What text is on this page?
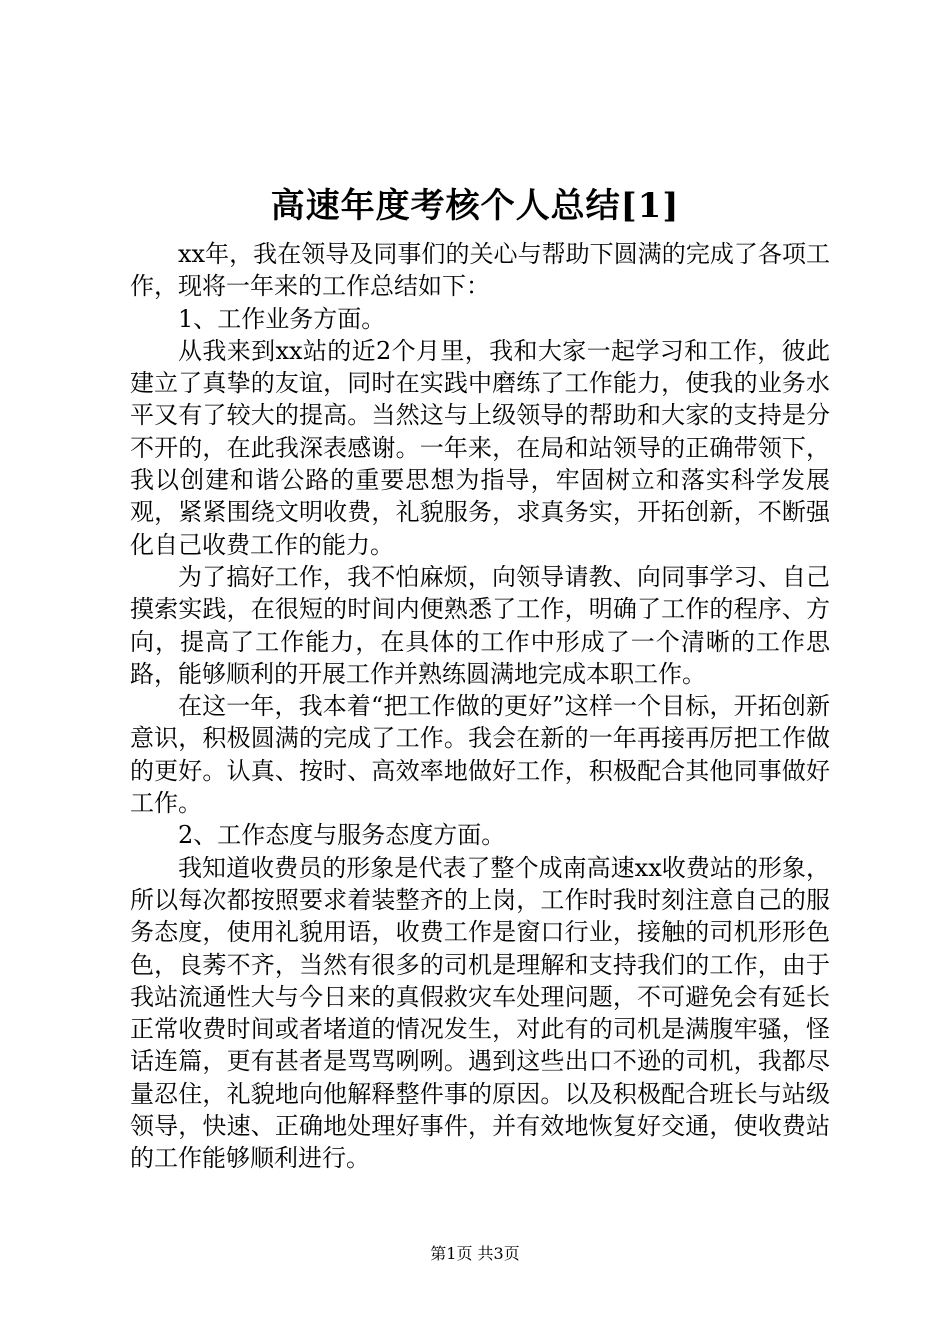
高速年度考核个人总结[1]

xx年，我在领导及同事们的关心与帮助下圆满的完成了各项工作，现将一年来的工作总结如下：

1、工作业务方面。

从我来到xx站的近2个月里，我和大家一起学习和工作，彼此建立了真挚的友谊，同时在实践中磨练了工作能力，使我的业务水平又有了较大的提高。当然这与上级领导的帮助和大家的支持是分不开的，在此我深表感谢。一年来，在局和站领导的正确带领下，我以创建和谐公路的重要思想为指导，牢固树立和落实科学发展观，紧紧围绕文明收费，礼貌服务，求真务实，开拓创新，不断强化自己收费工作的能力。

为了搞好工作，我不怕麻烦，向领导请教、向同事学习、自己摸索实践，在很短的时间内便熟悉了工作，明确了工作的程序、方向，提高了工作能力，在具体的工作中形成了一个清晰的工作思路，能够顺利的开展工作并熟练圆满地完成本职工作。

在这一年，我本着“把工作做的更好”这样一个目标，开拓创新意识，积极圆满的完成了工作。我会在新的一年再接再厉把工作做的更好。认真、按时、高效率地做好工作，积极配合其他同事做好工作。

2、工作态度与服务态度方面。

我知道收费员的形象是代表了整个成南高速xx收费站的形象，所以每次都按照要求着装整齐的上岗，工作时我时刻注意自己的服务态度，使用礼貌用语，收费工作是窗口行业，接触的司机形形色色，良莠不齐，当然有很多的司机是理解和支持我们的工作，由于我站流通性大与今日来的真假救灾车处理问题，不可避免会有延长正常收费时间或者堵道的情况发生，对此有的司机是满腹牢骚，怪话连篇，更有甚者是骂骂咧咧。遇到这些出口不逊的司机，我都尽量忍住，礼貌地向他解释整件事的原因。以及积极配合班长与站级领导，快速、正确地处理好事件，并有效地恢复好交通，使收费站的工作能够顺利进行。

第1页 共3页
